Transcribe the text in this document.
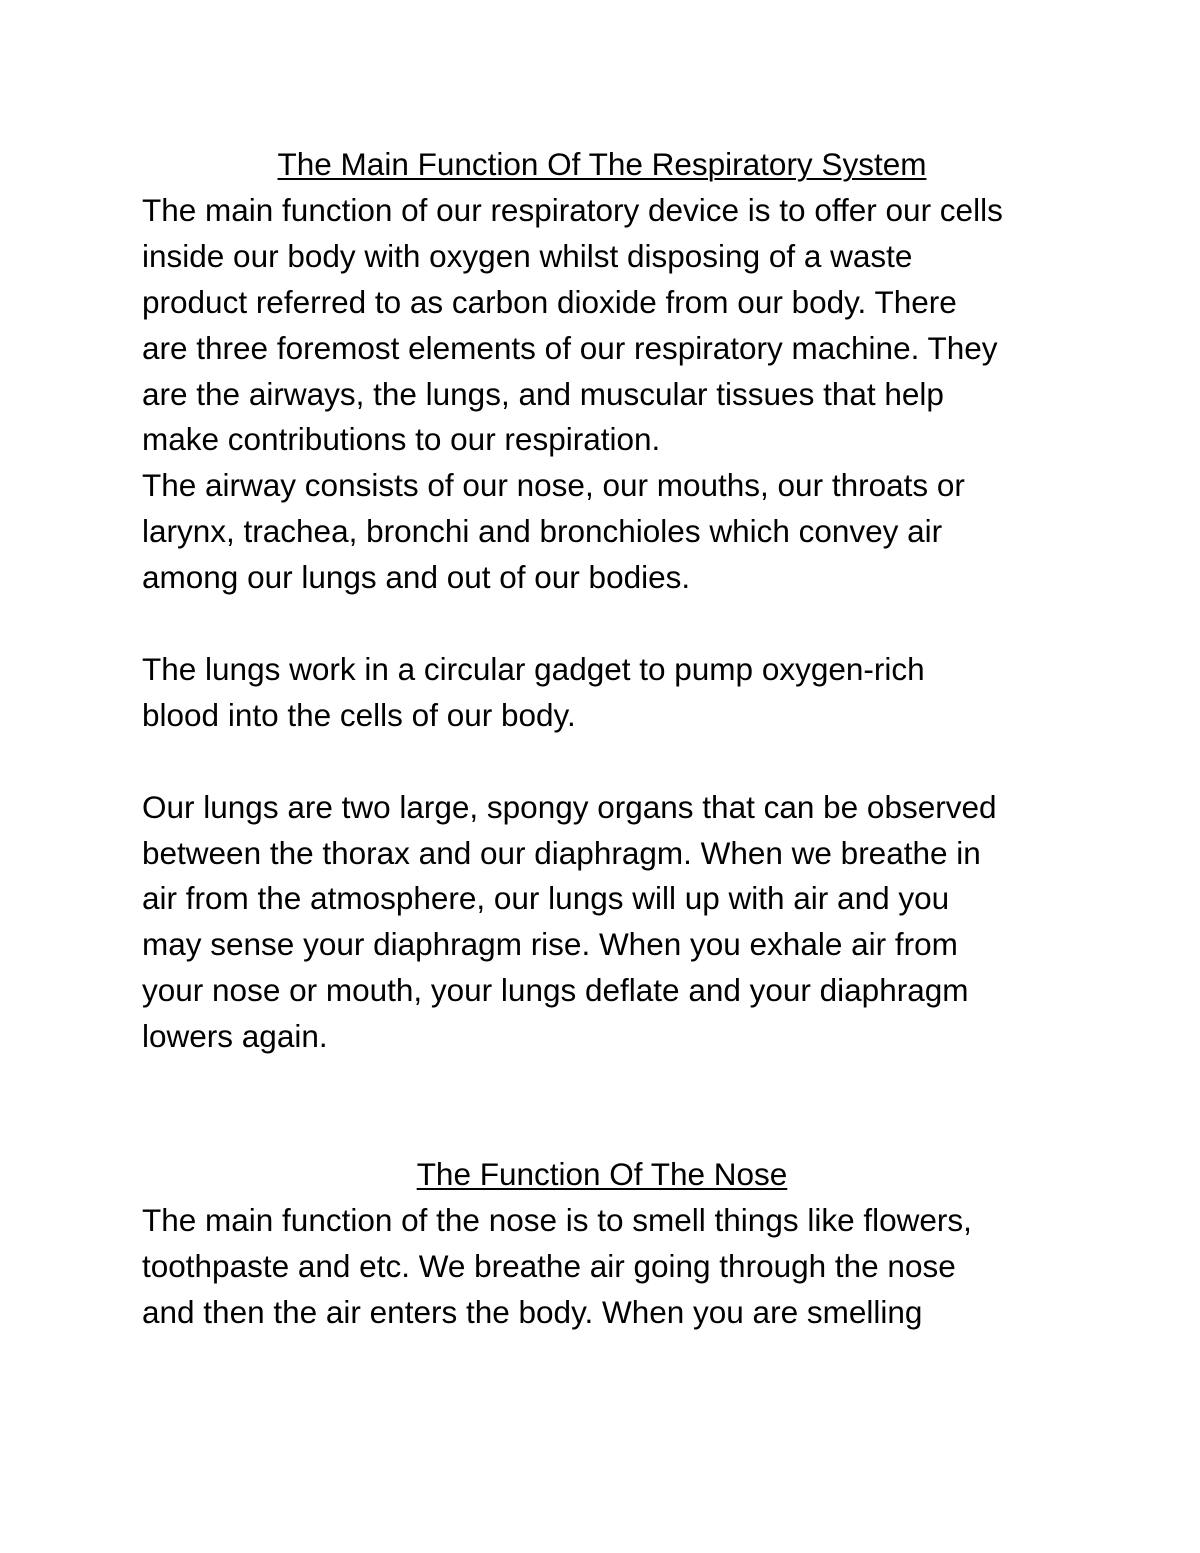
The Main Function Of The Respiratory System

The main function of our respiratory device is to offer our cells
inside our body with oxygen whilst disposing of a waste
product referred to as carbon dioxide from our body. There
are three foremost elements of our respiratory machine. They
are the airways, the lungs, and muscular tissues that help
make contributions to our respiration.

The airway consists of our nose, our mouths, our throats or
larynx, trachea, bronchi and bronchioles which convey air
among our lungs and out of our bodies.

The lungs work in a circular gadget to pump oxygen-rich
blood into the cells of our body.

Our lungs are two large, spongy organs that can be observed
between the thorax and our diaphragm. When we breathe in
air from the atmosphere, our lungs will up with air and you
may sense your diaphragm rise. When you exhale air from
your nose or mouth, your lungs deflate and your diaphragm
lowers again.

The Function Of The Nose

The main function of the nose is to smell things like flowers,
toothpaste and etc. We breathe air going through the nose
and then the air enters the body. When you are smelling
